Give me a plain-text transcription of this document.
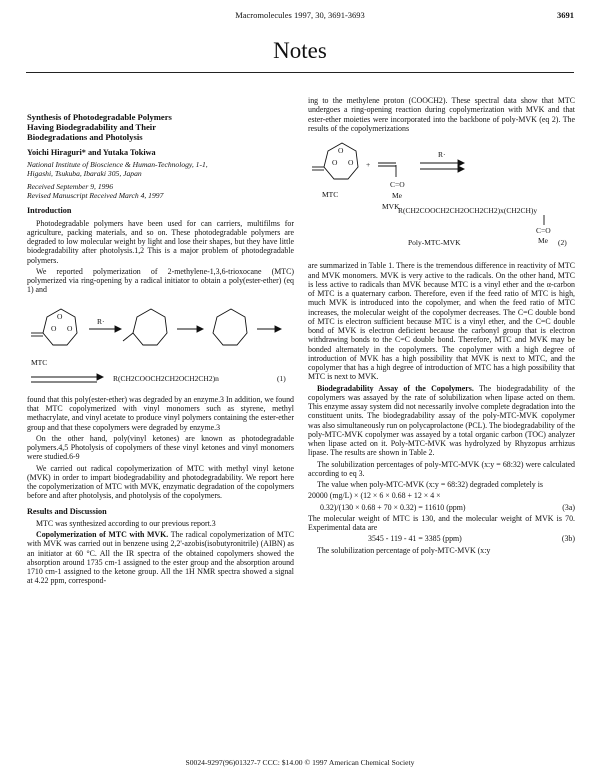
Macromolecules 1997, 30, 3691-3693	3691
Notes
Synthesis of Photodegradable Polymers
Having Biodegradability and Their
Biodegradations and Photolysis
Yoichi Hiraguri* and Yutaka Tokiwa
National Institute of Bioscience & Human-Technology, 1-1,
Higashi, Tsukuba, Ibaraki 305, Japan
Received September 9, 1996
Revised Manuscript Received March 4, 1997
Introduction

Photodegradable polymers have been used for can carriers, multifilms for agriculture, packing materials, and so on. These photodegradable polymers are degraded to low molecular weight by light and lose their shapes, but they have little biodegradability after photolysis.1,2 This is a major problem of photodegradable polymers.

We reported polymerization of 2-methylene-1,3,6-trioxocane (MTC) polymerized via ring-opening by a radical initiator to obtain a poly(ester-ether) (eq 1) and

O O
O
R·
MTC
R(CH2COOCH2CH2OCH2CH2)n	(1)

found that this poly(ester-ether) was degraded by an enzyme.3 In addition, we found that MTC copolymerized with vinyl monomers such as styrene, methyl methacrylate, and vinyl acetate to produce vinyl polymers containing the ester-ether group and that these copolymers were degraded by enzyme.3

On the other hand, poly(vinyl ketones) are known as photodegradable polymers.4,5 Photolysis of copolymers of these vinyl ketones and vinyl monomers were studied.6-9

We carried out radical copolymerization of MTC with methyl vinyl ketone (MVK) in order to impart biodegradability and photodegradability. We report here the copolymerization of MTC with MVK, enzymatic degradation of the copolymers before and after photolysis, and photolysis of the copolymers.

Results and Discussion

MTC was synthesized according to our previous report.3

Copolymerization of MTC with MVK. The radical copolymerization of MTC with MVK was carried out in benzene using 2,2'-azobis(isobutyronitrile) (AIBN) as an initiator at 60 °C. All the IR spectra of the obtained copolymers showed the absorption around 1735 cm-1 assigned to the ester group and the absorption around 1710 cm-1 assigned to the ketone group. All the 1H NMR spectra showed a signal at 4.22 ppm, correspond-

ing to the methylene proton (COOCH2). These spectral data show that MTC undergoes a ring-opening reaction during copolymerization with MVK and that ester-ether moieties were incorporated into the backbone of poly-MVK (eq 2). The results of the copolymerizations

O O
O
+
R·
MTC
C=O
Me
MVK
R(CH2COOCH2CH2OCH2CH2)x(CH2CH)y
C=O
Me
Poly-MTC-MVK	(2)

are summarized in Table 1. There is the tremendous difference in reactivity of MTC and MVK monomers. MVK is very active to the radicals. On the other hand, MTC is less active to radicals than MVK because MTC is a vinyl ether and the α-carbon of MTC is a quaternary carbon. Therefore, even if the feed ratio of MTC is high, much MVK is introduced into the copolymer, and when the feed ratio of MTC increases, the molecular weight of the copolymer decreases. The C=C double bond of MTC is electron sufficient because MTC is a vinyl ether, and the C=C double bond of MVK is electron deficient because the carbonyl group that is electron withdrawing bonds to the C=C double bond. Therefore, MTC and MVK may be bonded alternately in the copolymers. The copolymer with a high degree of introduction of MVK has a high possibility that MVK is next to MTC, and the copolymer that has a high degree of introduction of MTC has a high possibility that MTC is next to MVK.

Biodegradability Assay of the Copolymers. The biodegradability of the copolymers was assayed by the rate of solubilization when lipase acted on them. This enzyme assay system did not necessarily involve complete degradation into the constituent units. The biodegradability assay of the poly-MTC-MVK copolymer was also simultaneously run on polycaprolactone (PCL). The biodegradability of the poly-MTC-MVK copolymer was assayed by a total organic carbon (TOC) analyzer when lipase acted on it. Poly-MTC-MVK was hydrolyzed by Rhyzopus arrhizus lipase. The results are shown in Table 2.

The solubilization percentages of poly-MTC-MVK (x:y = 68:32) were calculated according to eq 3.

The value when poly-MTC-MVK (x:y = 68:32) degraded completely is

20000 (mg/L) × (12 × 6 × 0.68 + 12 × 4 ×
0.32)/(130 × 0.68 + 70 × 0.32) = 11610 (ppm)	(3a)

The molecular weight of MTC is 130, and the molecular weight of MVK is 70. Experimental data are

3545 - 119 - 41 = 3385 (ppm)	(3b)

The solubilization percentage of poly-MTC-MVK (x:y

S0024-9297(96)01327-7 CCC: $14.00 © 1997 American Chemical Society
